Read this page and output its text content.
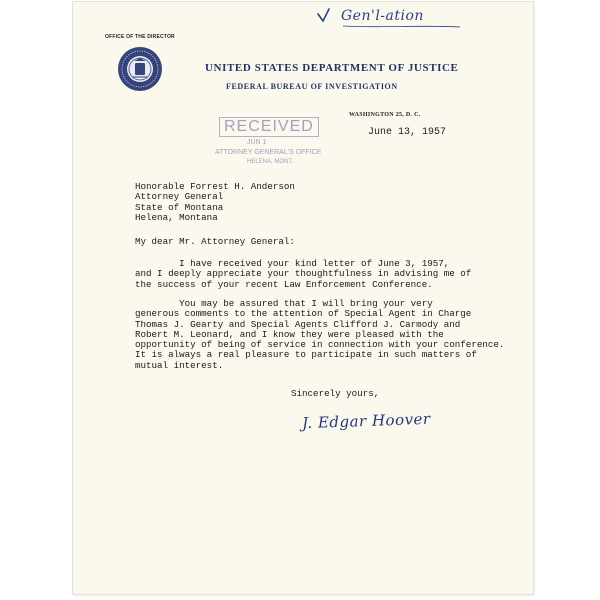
Gen'l-ation
OFFICE OF THE DIRECTOR
UNITED STATES DEPARTMENT OF JUSTICE
FEDERAL BUREAU OF INVESTIGATION
WASHINGTON 25, D. C.
June 13, 1957
RECEIVED
JUN 1
ATTORNEY GENERAL'S OFFICE
HELENA, MONT.
Honorable Forrest H. Anderson
Attorney General
State of Montana
Helena, Montana
My dear Mr. Attorney General:
I have received your kind letter of June 3, 1957,
and I deeply appreciate your thoughtfulness in advising me of
the success of your recent Law Enforcement Conference.
You may be assured that I will bring your very
generous comments to the attention of Special Agent in Charge
Thomas J. Gearty and Special Agents Clifford J. Carmody and
Robert M. Leonard, and I know they were pleased with the
opportunity of being of service in connection with your conference.
It is always a real pleasure to participate in such matters of
mutual interest.
Sincerely yours,
J. Edgar Hoover
